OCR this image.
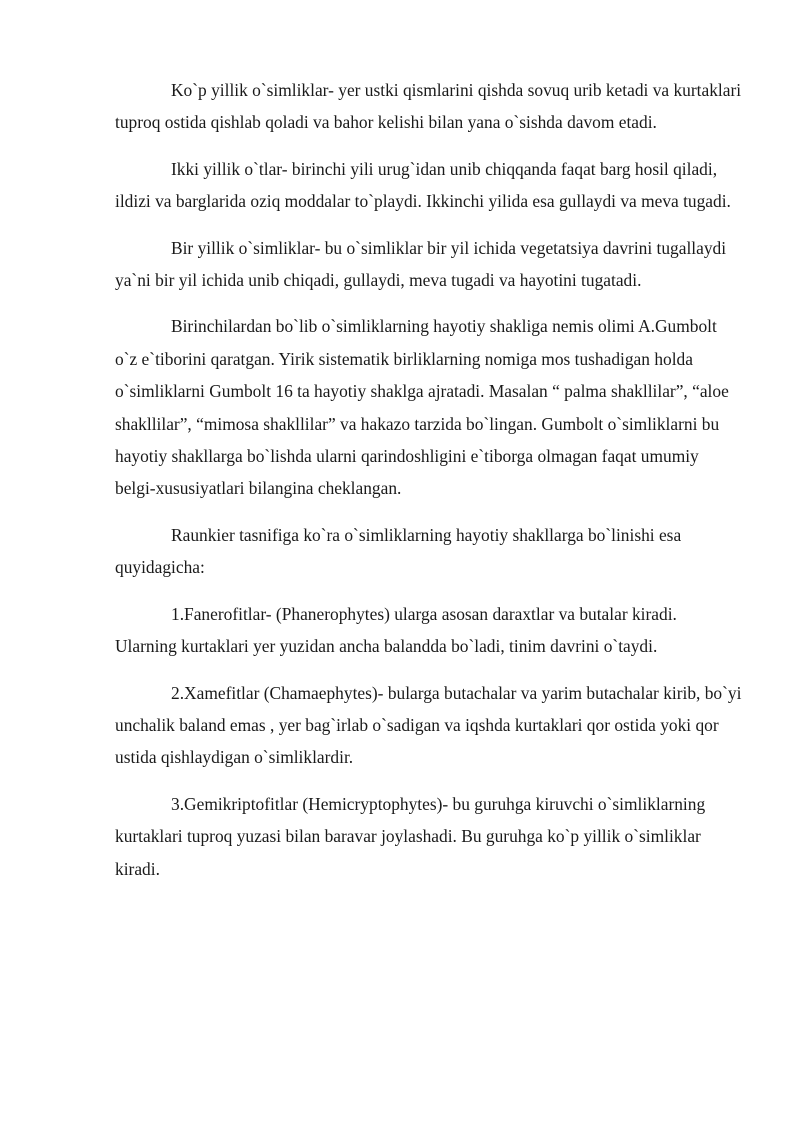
Ko`p yillik o`simliklar- yer ustki qismlarini qishda sovuq urib ketadi va kurtaklari tuproq ostida qishlab qoladi va bahor kelishi bilan yana o`sishda davom etadi.

Ikki yillik o`tlar- birinchi yili urug`idan unib chiqqanda faqat barg hosil qiladi, ildizi va barglarida oziq moddalar to`playdi. Ikkinchi yilida esa gullaydi va meva tugadi.

Bir yillik o`simliklar- bu o`simliklar bir yil ichida vegetatsiya davrini tugallaydi ya`ni bir yil ichida unib chiqadi, gullaydi, meva tugadi va hayotini tugatadi.

Birinchilardan bo`lib o`simliklarning hayotiy shakliga nemis olimi A.Gumbolt o`z e`tiborini qaratgan. Yirik sistematik birliklarning nomiga mos tushadigan holda o`simliklarni Gumbolt 16 ta hayotiy shaklga ajratadi. Masalan “ palma shakllilar”, “aloe shakllilar”, “mimosa shakllilar” va hakazo tarzida bo`lingan. Gumbolt o`simliklarni bu hayotiy shakllarga bo`lishda ularni qarindoshligini e`tiborga olmagan faqat umumiy belgi-xususiyatlari bilangina cheklangan.

Raunkier tasnifiga ko`ra o`simliklarning hayotiy shakllarga bo`linishi esa quyidagicha:

1.Fanerofitlar- (Phanerophytes) ularga asosan daraxtlar va butalar kiradi. Ularning kurtaklari yer yuzidan ancha balandda bo`ladi, tinim davrini o`taydi.

2.Xamefitlar (Chamaephytes)- bularga butachalar va yarim butachalar kirib, bo`yi unchalik baland emas , yer bag`irlab o`sadigan va iqshda kurtaklari qor ostida yoki qor ustida qishlaydigan o`simliklardir.

3.Gemikriptofitlar (Hemicryptophytes)- bu guruhga kiruvchi o`simliklarning kurtaklari tuproq yuzasi bilan baravar joylashadi. Bu guruhga ko`p yillik o`simliklar kiradi.
